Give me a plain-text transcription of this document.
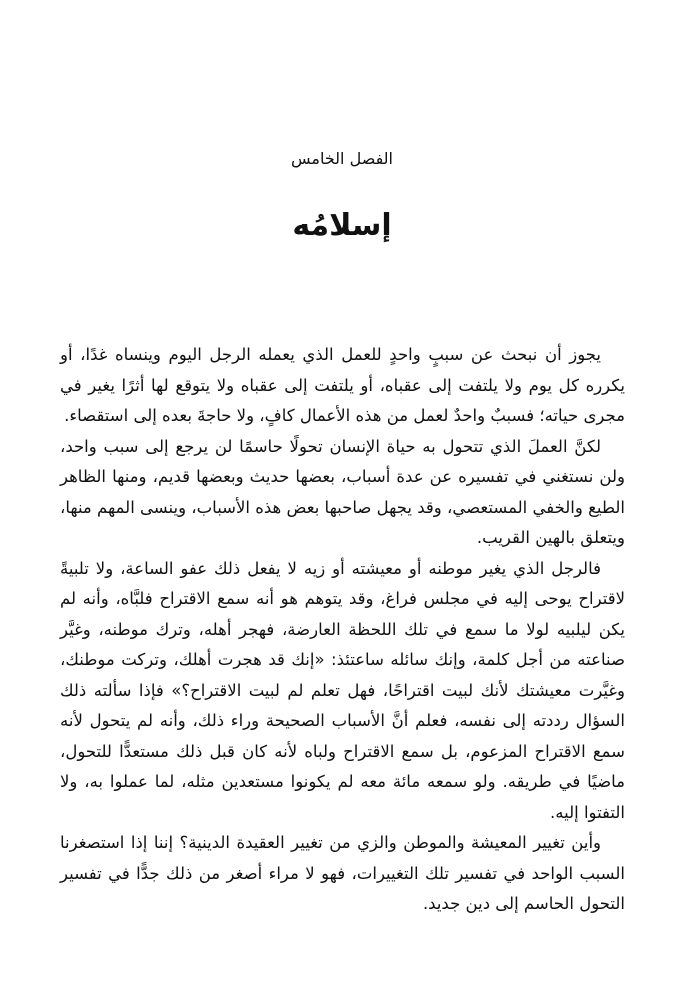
الفصل الخامس
إسلامُه

يجوز أن نبحث عن سببٍ واحدٍ للعمل الذي يعمله الرجل اليوم وينساه غدًا، أو يكرره كل يوم ولا يلتفت إلى عقباه، أو يلتفت إلى عقباه ولا يتوقع لها أثرًا يغير في مجرى حياته؛ فسببٌ واحدٌ لعمل من هذه الأعمال كافٍ، ولا حاجةَ بعده إلى استقصاء.

لكنَّ العملَ الذي تتحول به حياة الإنسان تحولًا حاسمًا لن يرجع إلى سبب واحد، ولن نستغني في تفسيره عن عدة أسباب، بعضها حديث وبعضها قديم، ومنها الظاهر الطيع والخفي المستعصي، وقد يجهل صاحبها بعض هذه الأسباب، وينسى المهم منها، ويتعلق بالهين القريب.

فالرجل الذي يغير موطنه أو معيشته أو زيه لا يفعل ذلك عفو الساعة، ولا تلبيةً لاقتراح يوحى إليه في مجلس فراغ، وقد يتوهم هو أنه سمع الاقتراح فلبَّاه، وأنه لم يكن ليلبيه لولا ما سمع في تلك اللحظة العارضة، فهجر أهله، وترك موطنه، وغيَّر صناعته من أجل كلمة، وإنك سائله ساعتئذ: «إنك قد هجرت أهلك، وتركت موطنك، وغيَّرت معيشتك لأنك لبيت اقتراحًا، فهل تعلم لم لبيت الاقتراح؟» فإذا سألته ذلك السؤال رددته إلى نفسه، فعلم أنَّ الأسباب الصحيحة وراء ذلك، وأنه لم يتحول لأنه سمع الاقتراح المزعوم، بل سمع الاقتراح ولباه لأنه كان قبل ذلك مستعدًّا للتحول، ماضيًا في طريقه. ولو سمعه مائة معه لم يكونوا مستعدين مثله، لما عملوا به، ولا التفتوا إليه.

وأين تغيير المعيشة والموطن والزي من تغيير العقيدة الدينية؟ إننا إذا استصغرنا السبب الواحد في تفسير تلك التغييرات، فهو لا مراء أصغر من ذلك جدًّا في تفسير التحول الحاسم إلى دين جديد.
